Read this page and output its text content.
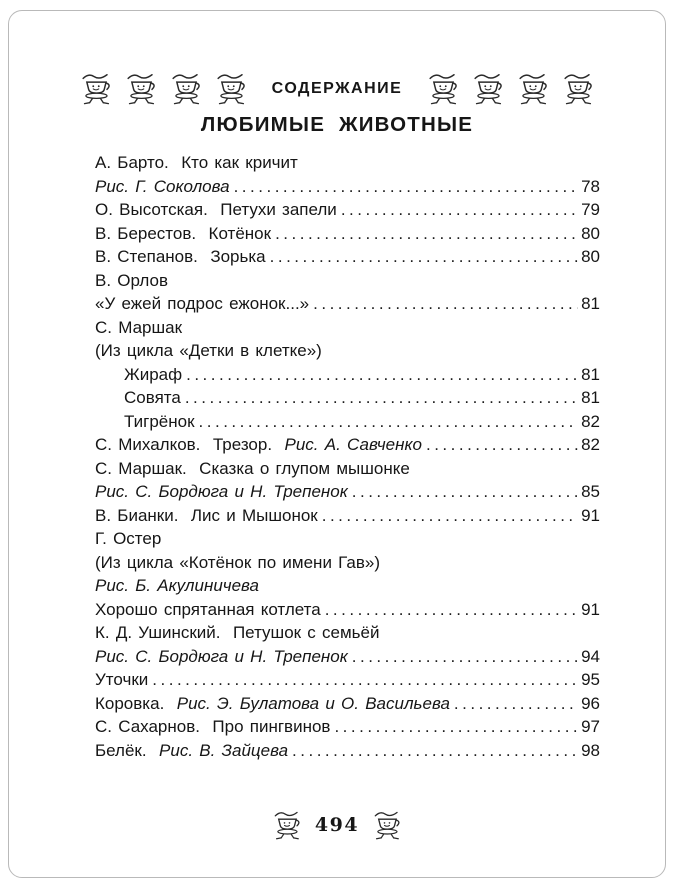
СОДЕРЖАНИЕ
ЛЮБИМЫЕ ЖИВОТНЫЕ
А. Барто.  Кто как кричит
Рис. Г. Соколова .....	78
О. Высотская.  Петухи запели .....	79
В. Берестов.  Котёнок .....	80
В. Степанов.  Зорька .....	80
В. Орлов
«У ежей подрос ежонок...» .....	81
С. Маршак
(Из цикла «Детки в клетке»)
Жираф .....	81
Совята .....	81
Тигрёнок .....	82
С. Михалков.  Трезор.  Рис. А. Савченко .....	82
С. Маршак.  Сказка о глупом мышонке
Рис. С. Бордюга и Н. Трепенок .....	85
В. Бианки.  Лис и Мышонок .....	91
Г. Остер
(Из цикла «Котёнок по имени Гав»)
Рис. Б. Акулиничева
Хорошо спрятанная котлета .....	91
К. Д. Ушинский.  Петушок с семьёй
Рис. С. Бордюга и Н. Трепенок .....	94
Уточки .....	95
Коровка.  Рис. Э. Булатова и О. Васильева .....	96
С. Сахарнов.  Про пингвинов .....	97
Белёк.  Рис. В. Зайцева .....	98
494
